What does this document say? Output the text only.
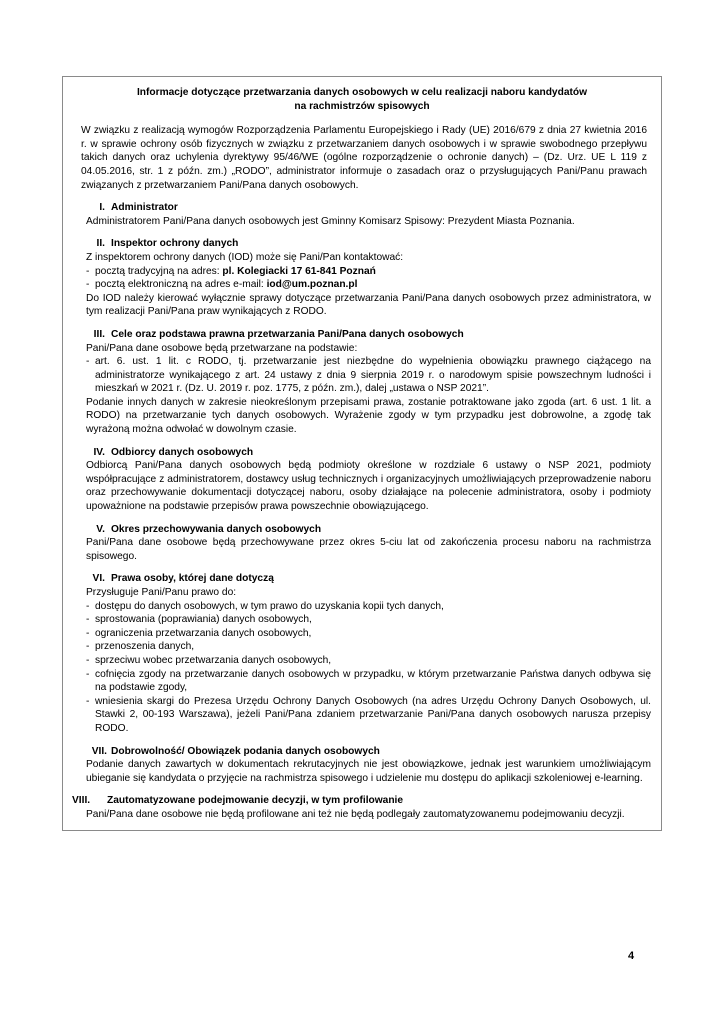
Informacje dotyczące przetwarzania danych osobowych w celu realizacji naboru kandydatów
na rachmistrzów spisowych
W związku z realizacją wymogów Rozporządzenia Parlamentu Europejskiego i Rady (UE) 2016/679 z dnia 27 kwietnia 2016 r. w sprawie ochrony osób fizycznych w związku z przetwarzaniem danych osobowych i w sprawie swobodnego przepływu takich danych oraz uchylenia dyrektywy 95/46/WE (ogólne rozporządzenie o ochronie danych) – (Dz. Urz. UE L 119 z 04.05.2016, str. 1 z późn. zm.) „RODO”, administrator informuje o zasadach oraz o przysługujących Pani/Panu prawach związanych z przetwarzaniem Pani/Pana danych osobowych.
I. Administrator
Administratorem Pani/Pana danych osobowych jest Gminny Komisarz Spisowy: Prezydent Miasta Poznania.
II. Inspektor ochrony danych
Z inspektorem ochrony danych (IOD) może się Pani/Pan kontaktować:
- pocztą tradycyjną na adres: pl. Kolegiacki 17 61-841 Poznań
- pocztą elektroniczną na adres e-mail: iod@um.poznan.pl
Do IOD należy kierować wyłącznie sprawy dotyczące przetwarzania Pani/Pana danych osobowych przez administratora, w tym realizacji Pani/Pana praw wynikających z RODO.
III. Cele oraz podstawa prawna przetwarzania Pani/Pana danych osobowych
Pani/Pana dane osobowe będą przetwarzane na podstawie:
- art. 6. ust. 1 lit. c RODO, tj. przetwarzanie jest niezbędne do wypełnienia obowiązku prawnego ciążącego na administratorze wynikającego z art. 24 ustawy z dnia 9 sierpnia 2019 r. o narodowym spisie powszechnym ludności i mieszkań w 2021 r. (Dz. U. 2019 r. poz. 1775, z późn. zm.), dalej „ustawa o NSP 2021”.
Podanie innych danych w zakresie nieokreślonym przepisami prawa, zostanie potraktowane jako zgoda (art. 6 ust. 1 lit. a RODO) na przetwarzanie tych danych osobowych. Wyrażenie zgody w tym przypadku jest dobrowolne, a zgodę tak wyrażoną można odwołać w dowolnym czasie.
IV. Odbiorcy danych osobowych
Odbiorcą Pani/Pana danych osobowych będą podmioty określone w rozdziale 6 ustawy o NSP 2021, podmioty współpracujące z administratorem, dostawcy usług technicznych i organizacyjnych umożliwiających przeprowadzenie naboru oraz przechowywanie dokumentacji dotyczącej naboru, osoby działające na polecenie administratora, osoby i podmioty upoważnione na podstawie przepisów prawa powszechnie obowiązującego.
V. Okres przechowywania danych osobowych
Pani/Pana dane osobowe będą przechowywane przez okres 5-ciu lat od zakończenia procesu naboru na rachmistrza spisowego.
VI. Prawa osoby, której dane dotyczą
Przysługuje Pani/Panu prawo do:
- dostępu do danych osobowych, w tym prawo do uzyskania kopii tych danych,
- sprostowania (poprawiania) danych osobowych,
- ograniczenia przetwarzania danych osobowych,
- przenoszenia danych,
- sprzeciwu wobec przetwarzania danych osobowych,
- cofnięcia zgody na przetwarzanie danych osobowych w przypadku, w którym przetwarzanie Państwa danych odbywa się na podstawie zgody,
- wniesienia skargi do Prezesa Urzędu Ochrony Danych Osobowych (na adres Urzędu Ochrony Danych Osobowych, ul. Stawki 2, 00-193 Warszawa), jeżeli Pani/Pana zdaniem przetwarzanie Pani/Pana danych osobowych narusza przepisy RODO.
VII. Dobrowolność/ Obowiązek podania danych osobowych
Podanie danych zawartych w dokumentach rekrutacyjnych nie jest obowiązkowe, jednak jest warunkiem umożliwiającym ubieganie się kandydata o przyjęcie na rachmistrza spisowego i udzielenie mu dostępu do aplikacji szkoleniowej e-learning.
VIII.	Zautomatyzowane podejmowanie decyzji, w tym profilowanie
Pani/Pana dane osobowe nie będą profilowane ani też nie będą podlegały zautomatyzowanemu podejmowaniu decyzji.
4
